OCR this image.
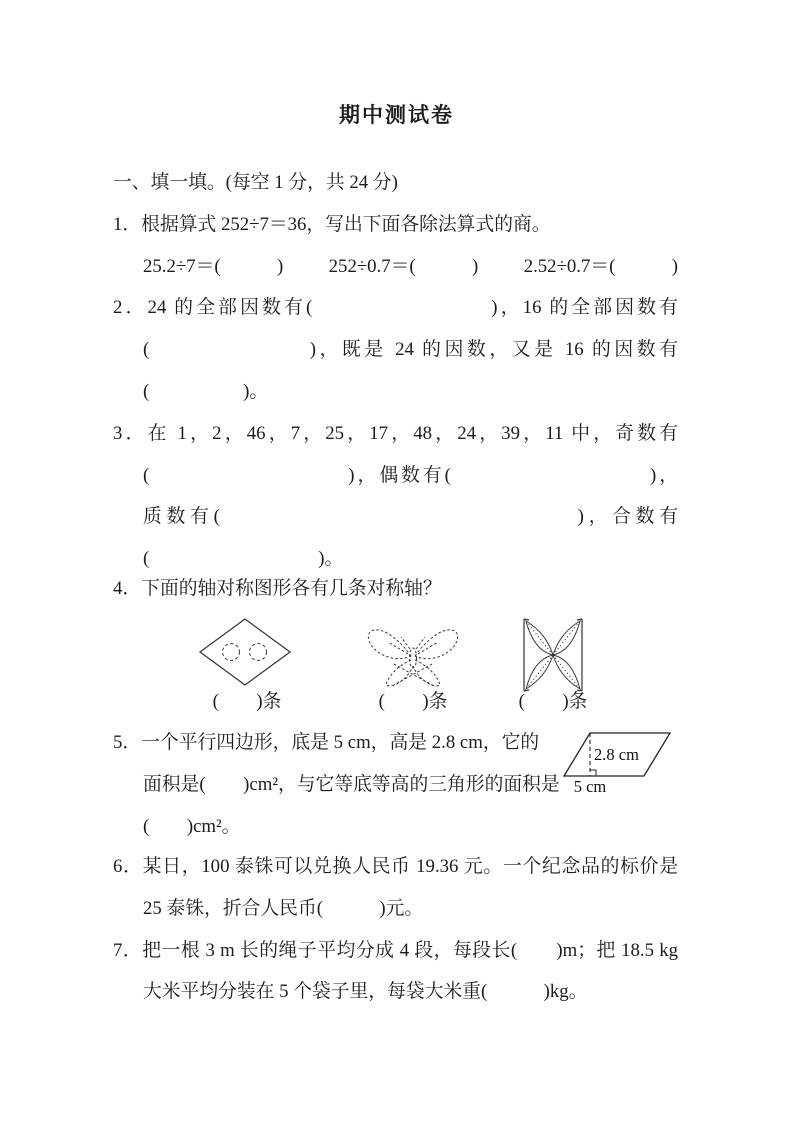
期中测试卷
一、填一填。(每空 1 分，共 24 分)
1．根据算式 252÷7＝36，写出下面各除法算式的商。
25.2÷7＝(　　　) 252÷0.7＝(　　　) 2.52÷0.7＝(　　　)
2．24 的全部因数有(　　　　　　　　)，16 的全部因数有
(　　　　　　　)，既是 24 的因数，又是 16 的因数有
(　　　　　)。
3．在 1，2，46，7，25，17，48，24，39，11 中，奇数有
(　　　　　　　　　)，偶数有(　　　　　　　　　)，
质数有(　　　　　　　　　　　　　　　)，合数有
(　　　　　　　　　)。
4．下面的轴对称图形各有几条对称轴？
(　　)条	(　　)条	(　　)条
5．一个平行四边形，底是 5 cm，高是 2.8 cm，它的
面积是(　　)cm²，与它等底等高的三角形的面积是
(　　)cm²。
2.8 cm
5 cm
6．某日，100 泰铢可以兑换人民币 19.36 元。一个纪念品的标价是
25 泰铢，折合人民币(　　　)元。
7．把一根 3 m 长的绳子平均分成 4 段，每段长(　　)m；把 18.5 kg
大米平均分装在 5 个袋子里，每袋大米重(　　　)kg。
